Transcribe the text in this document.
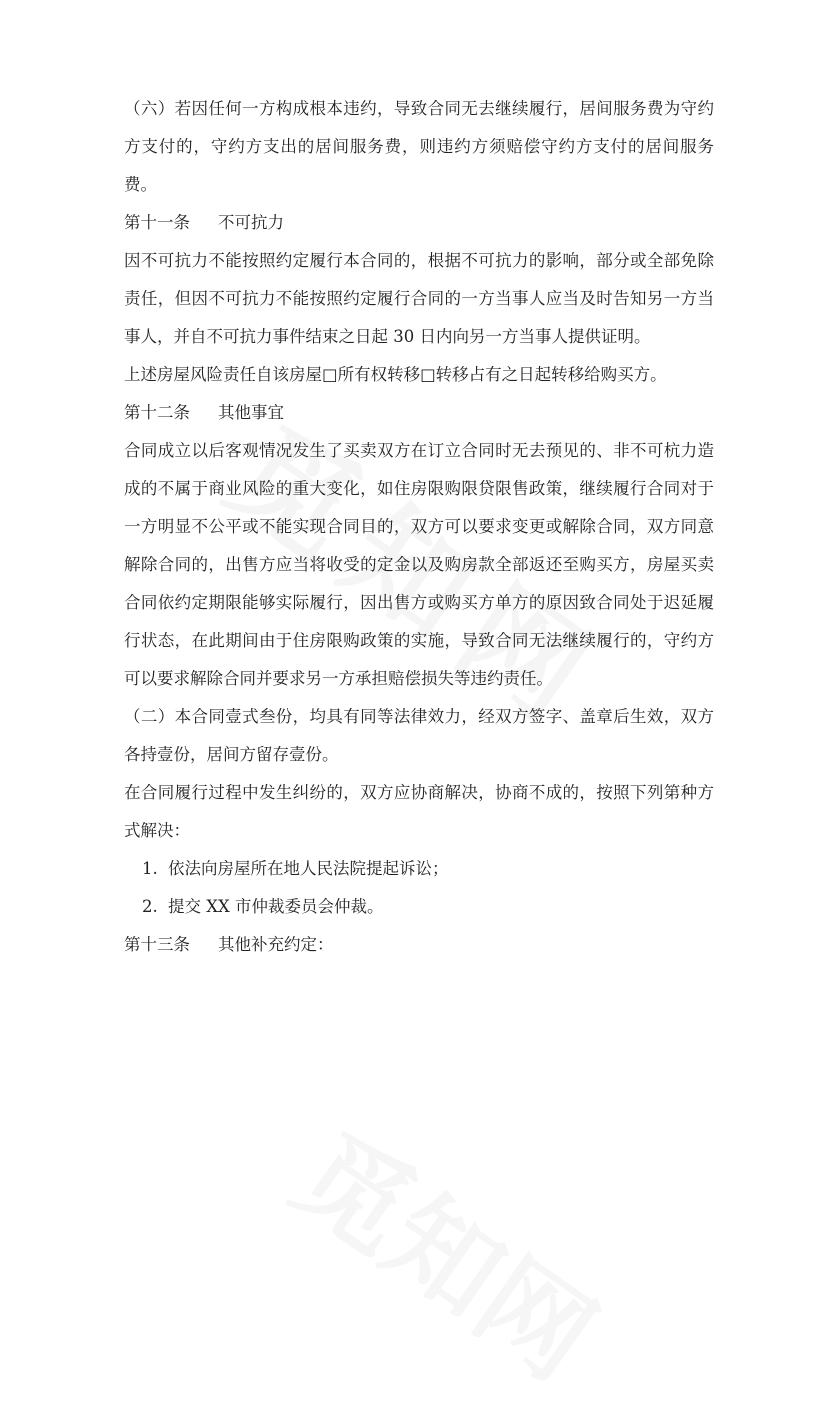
（六）若因任何一方构成根本违约，导致合同无去继续履行，居间服务费为守约方支付的，守约方支出的居间服务费，则违约方须赔偿守约方支付的居间服务费。

第十一条 不可抗力

因不可抗力不能按照约定履行本合同的，根据不可抗力的影响，部分或全部免除责任，但因不可抗力不能按照约定履行合同的一方当事人应当及时告知另一方当事人，并自不可抗力事件结束之日起 30 日内向另一方当事人提供证明。

上述房屋风险责任自该房屋□所有权转移□转移占有之日起转移给购买方。

第十二条 其他事宜

合同成立以后客观情况发生了买卖双方在订立合同时无去预见的、非不可杭力造成的不属于商业风险的重大变化，如住房限购限贷限售政策，继续履行合同对于一方明显不公平或不能实现合同目的，双方可以要求变更或解除合同，双方同意解除合同的，出售方应当将收受的定金以及购房款全部返还至购买方，房屋买卖合同依约定期限能够实际履行，因出售方或购买方单方的原因致合同处于迟延履行状态，在此期间由于住房限购政策的实施，导致合同无法继续履行的，守约方可以要求解除合同并要求另一方承担赔偿损失等违约责任。

（二）本合同壹式叁份，均具有同等法律效力，经双方签字、盖章后生效，双方各持壹份，居间方留存壹份。

在合同履行过程中发生纠纷的，双方应协商解决，协商不成的，按照下列第种方式解决：

1. 依法向房屋所在地人民法院提起诉讼；

2. 提交 XX 市仲裁委员会仲裁。

第十三条 其他补充约定：
